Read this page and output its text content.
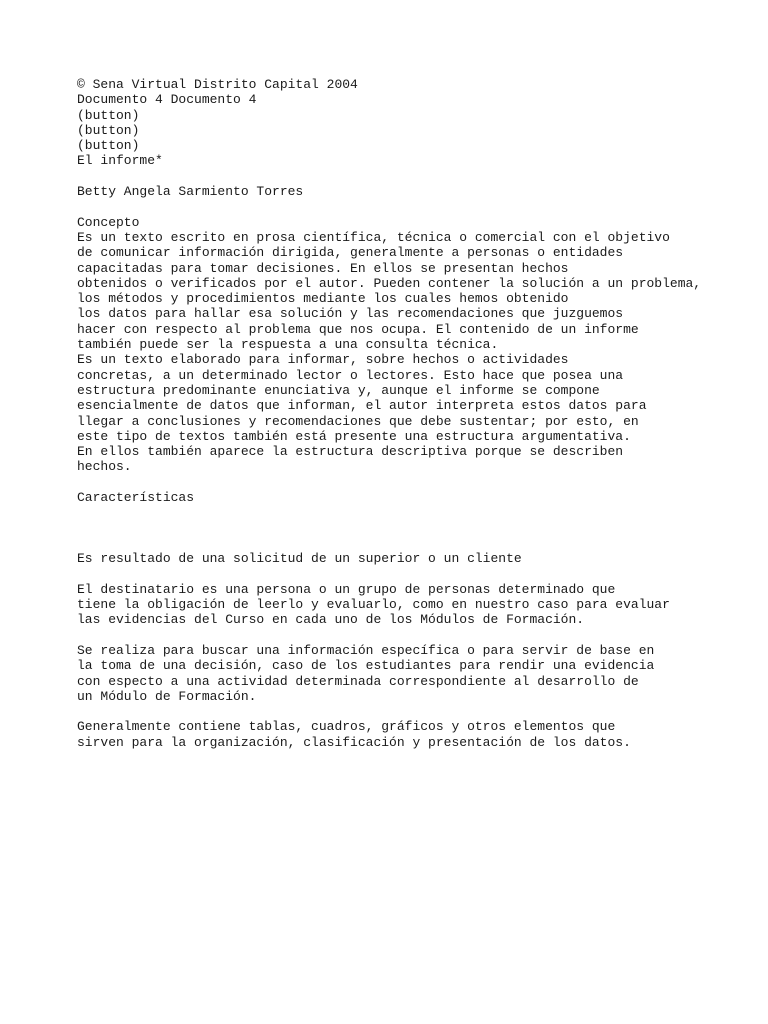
© Sena Virtual Distrito Capital 2004
Documento 4 Documento 4
(button)
(button)
(button)
El informe*
Betty Angela Sarmiento Torres
Concepto
Es un texto escrito en prosa científica, técnica o comercial con el objetivo
de comunicar información dirigida, generalmente a personas o entidades
capacitadas para tomar decisiones. En ellos se presentan hechos
obtenidos o verificados por el autor. Pueden contener la solución a un problema,
los métodos y procedimientos mediante los cuales hemos obtenido
los datos para hallar esa solución y las recomendaciones que juzguemos
hacer con respecto al problema que nos ocupa. El contenido de un informe
también puede ser la respuesta a una consulta técnica.
Es un texto elaborado para informar, sobre hechos o actividades
concretas, a un determinado lector o lectores. Esto hace que posea una
estructura predominante enunciativa y, aunque el informe se compone
esencialmente de datos que informan, el autor interpreta estos datos para
llegar a conclusiones y recomendaciones que debe sustentar; por esto, en
este tipo de textos también está presente una estructura argumentativa.
En ellos también aparece la estructura descriptiva porque se describen
hechos.
Características
Es resultado de una solicitud de un superior o un cliente
El destinatario es una persona o un grupo de personas determinado que
tiene la obligación de leerlo y evaluarlo, como en nuestro caso para evaluar
las evidencias del Curso en cada uno de los Módulos de Formación.
Se realiza para buscar una información específica o para servir de base en
la toma de una decisión, caso de los estudiantes para rendir una evidencia
con especto a una actividad determinada correspondiente al desarrollo de
un Módulo de Formación.
Generalmente contiene tablas, cuadros, gráficos y otros elementos que
sirven para la organización, clasificación y presentación de los datos.
